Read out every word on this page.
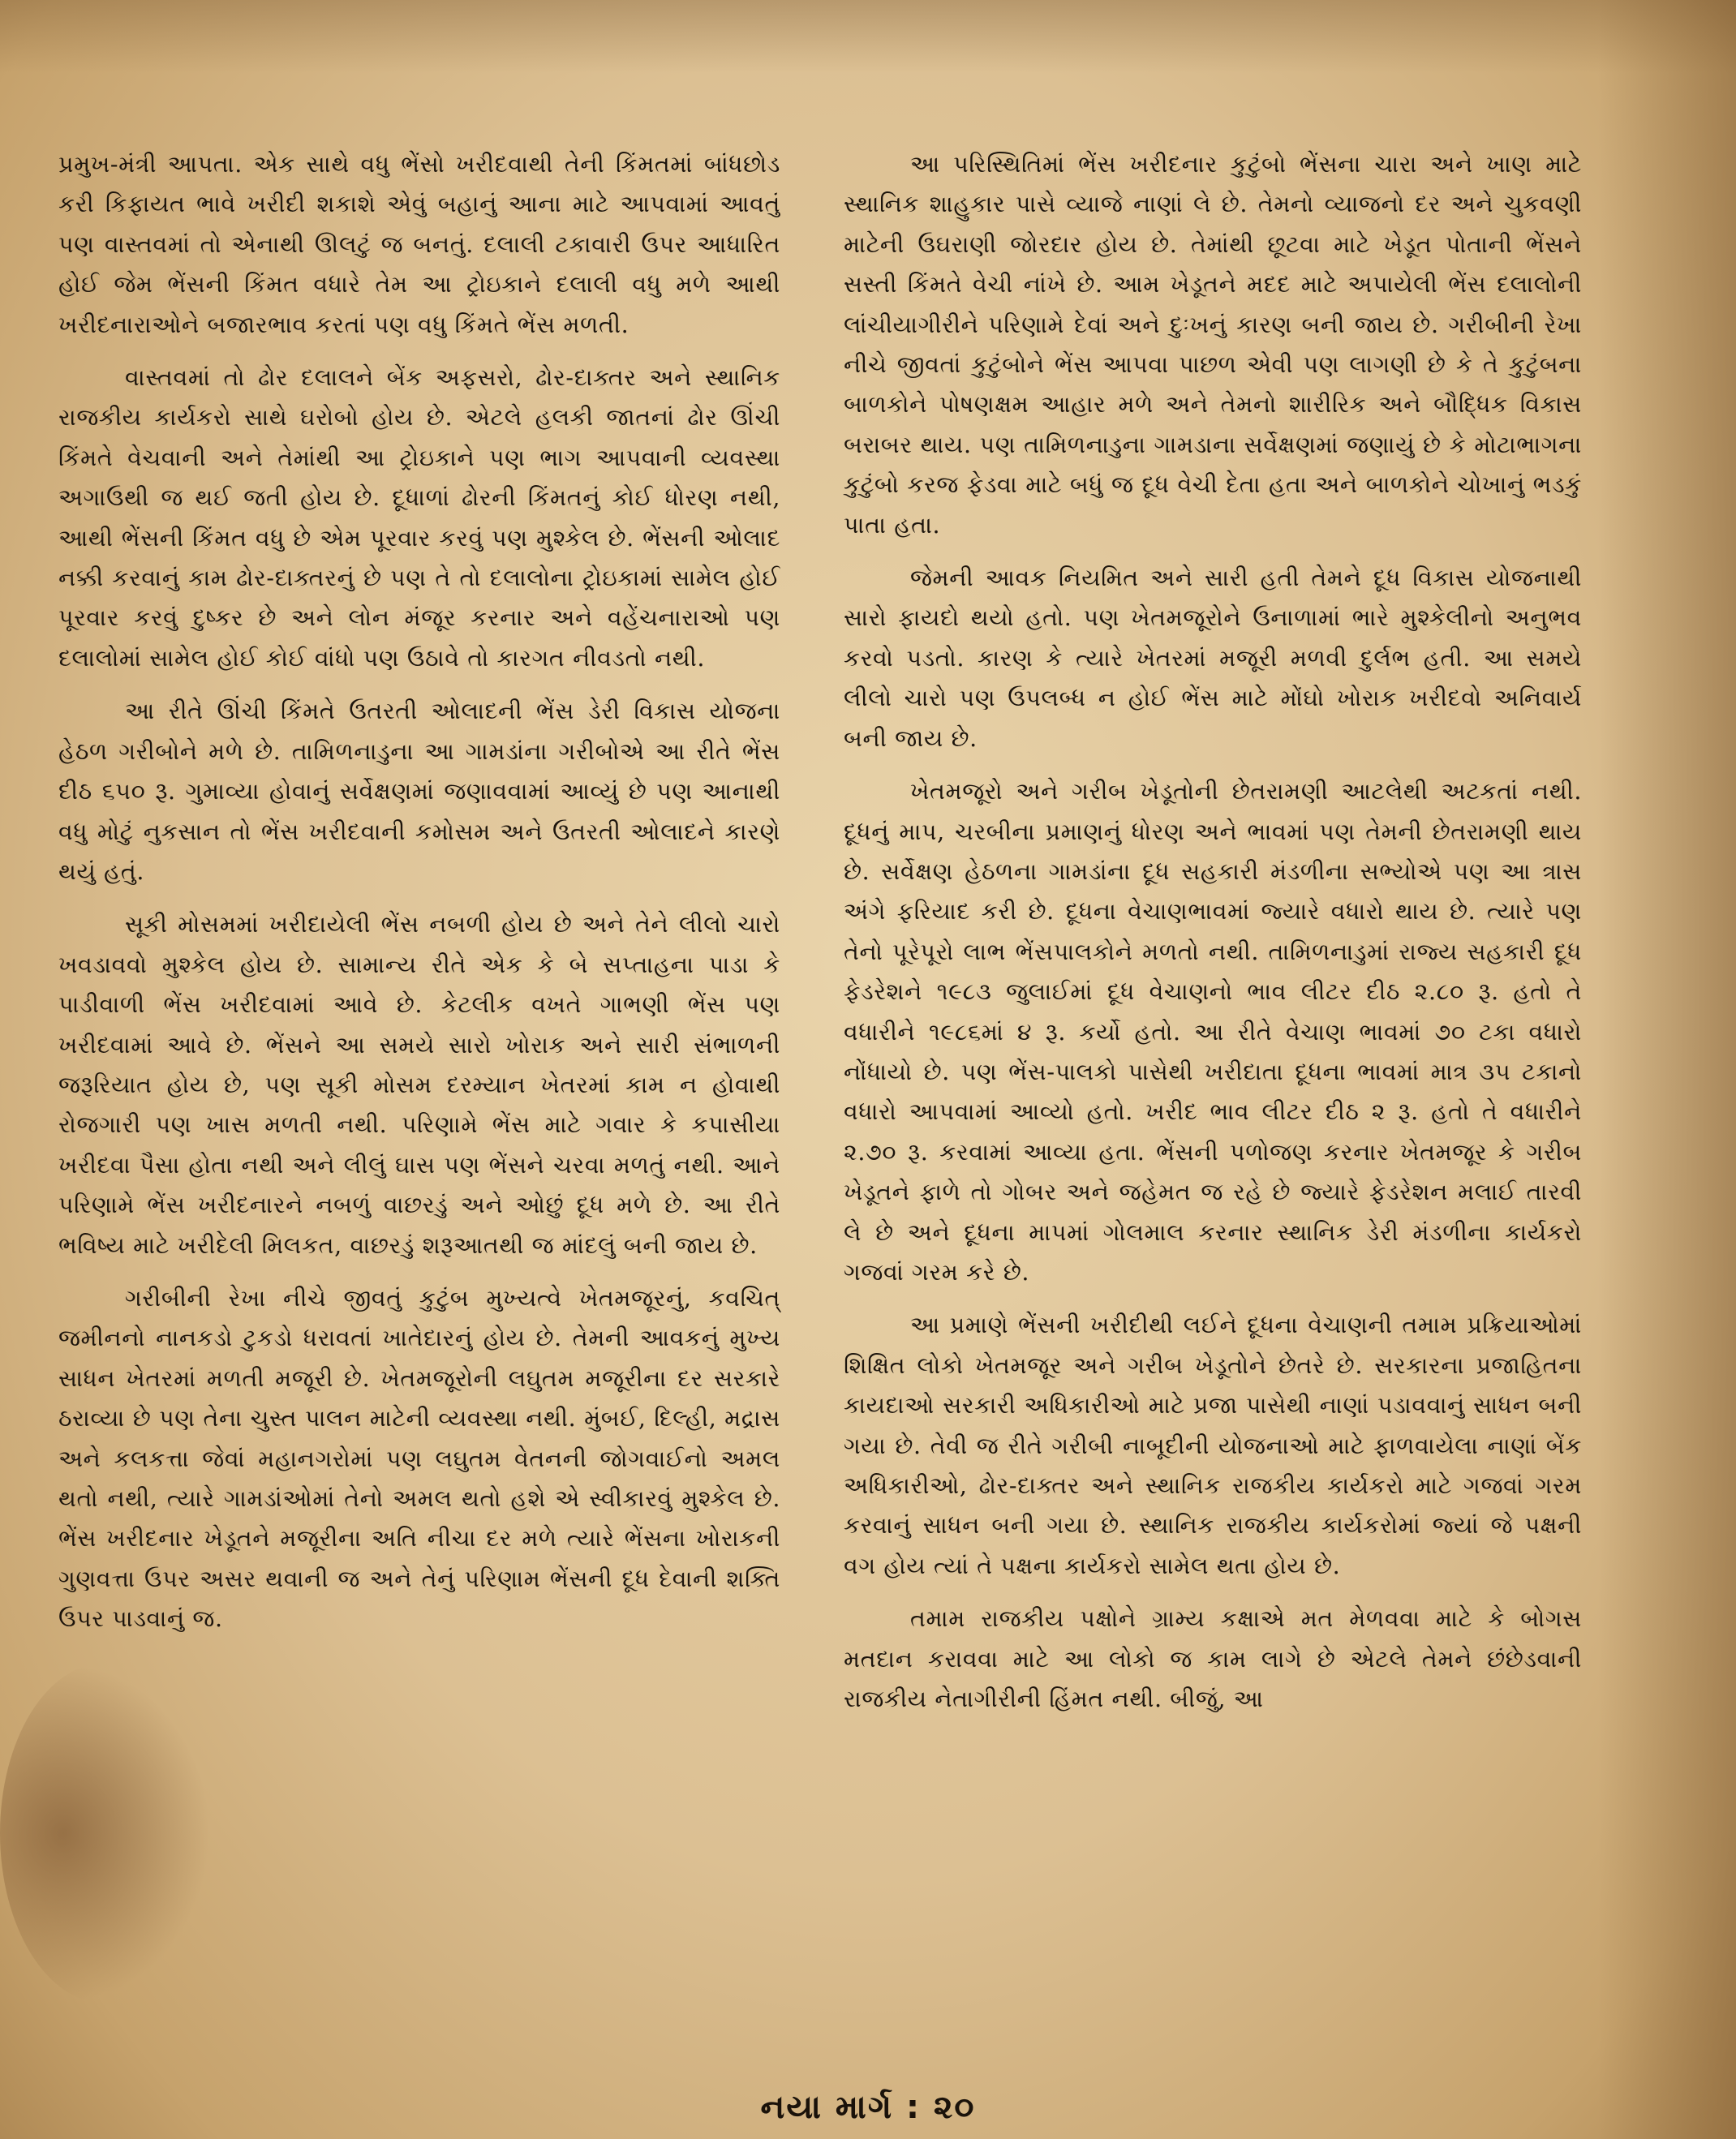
પ્રમુખ-મંત્રી આપતા. એક સાથે વધુ ભેંસો ખરીદવાથી તેની કિંમતમાં બાંધછોડ કરી કિફાયત ભાવે ખરીદી શકાશે એવું બહાનું આના માટે આપવામાં આવતું પણ વાસ્તવમાં તો એનાથી ઊલટું જ બનતું. દલાલી ટકાવારી ઉપર આધારિત હોઈ જેમ ભેંસની કિંમત વધારે તેમ આ ટ્રોઇકાને દલાલી વધુ મળે આથી ખરીદનારાઓને બજારભાવ કરતાં પણ વધુ કિંમતે ભેંસ મળતી.

વાસ્તવમાં તો ઢોર દલાલને બેંક અફસરો, ઢોર-દાક્તર અને સ્થાનિક રાજકીય કાર્યકરો સાથે ઘરોબો હોય છે. એટલે હલકી જાતનાં ઢોર ઊંચી કિંમતે વેચવાની અને તેમાંથી આ ટ્રોઇકાને પણ ભાગ આપવાની વ્યવસ્થા અગાઉથી જ થઈ જતી હોય છે. દૂધાળાં ઢોરની કિંમતનું કોઈ ધોરણ નથી, આથી ભેંસની કિંમત વધુ છે એમ પૂરવાર કરવું પણ મુશ્કેલ છે. ભેંસની ઓલાદ નક્કી કરવાનું કામ ઢોર-દાક્તરનું છે પણ તે તો દલાલોના ટ્રોઇકામાં સામેલ હોઈ પૂરવાર કરવું દુષ્કર છે અને લોન મંજૂર કરનાર અને વહેંચનારાઓ પણ દલાલોમાં સામેલ હોઈ કોઈ વાંધો પણ ઉઠાવે તો કારગત નીવડતો નથી.

આ રીતે ઊંચી કિંમતે ઉતરતી ઓલાદની ભેંસ ડેરી વિકાસ યોજના હેઠળ ગરીબોને મળે છે. તામિળનાડુના આ ગામડાંના ગરીબોએ આ રીતે ભેંસ દીઠ ૬૫૦ રૂ. ગુમાવ્યા હોવાનું સર્વેક્ષણમાં જણાવવામાં આવ્યું છે પણ આનાથી વધુ મોટું નુકસાન તો ભેંસ ખરીદવાની કમોસમ અને ઉતરતી ઓલાદને કારણે થયું હતું.

સૂકી મોસમમાં ખરીદાયેલી ભેંસ નબળી હોય છે અને તેને લીલો ચારો ખવડાવવો મુશ્કેલ હોય છે. સામાન્ય રીતે એક કે બે સપ્તાહના પાડા કે પાડીવાળી ભેંસ ખરીદવામાં આવે છે. કેટલીક વખતે ગાભણી ભેંસ પણ ખરીદવામાં આવે છે. ભેંસને આ સમયે સારો ખોરાક અને સારી સંભાળની જરૂરિયાત હોય છે, પણ સૂકી મોસમ દરમ્યાન ખેતરમાં કામ ન હોવાથી રોજગારી પણ ખાસ મળતી નથી. પરિણામે ભેંસ માટે ગવાર કે કપાસીયા ખરીદવા પૈસા હોતા નથી અને લીલું ઘાસ પણ ભેંસને ચરવા મળતું નથી. આને પરિણામે ભેંસ ખરીદનારને નબળું વાછરડું અને ઓછું દૂધ મળે છે. આ રીતે ભવિષ્ય માટે ખરીદેલી મિલકત, વાછરડું શરૂઆતથી જ માંદલું બની જાય છે.

ગરીબીની રેખા નીચે જીવતું કુટુંબ મુખ્યત્વે ખેતમજૂરનું, કવચિત્ જમીનનો નાનકડો ટુકડો ધરાવતાં ખાતેદારનું હોય છે. તેમની આવકનું મુખ્ય સાધન ખેતરમાં મળતી મજૂરી છે. ખેતમજૂરોની લઘુતમ મજૂરીના દર સરકારે ઠરાવ્યા છે પણ તેના ચુસ્ત પાલન માટેની વ્યવસ્થા નથી. મુંબઈ, દિલ્હી, મદ્રાસ અને કલકત્તા જેવાં મહાનગરોમાં પણ લઘુતમ વેતનની જોગવાઈનો અમલ થતો નથી, ત્યારે ગામડાંઓમાં તેનો અમલ થતો હશે એ સ્વીકારવું મુશ્કેલ છે. ભેંસ ખરીદનાર ખેડૂતને મજૂરીના અતિ નીચા દર મળે ત્યારે ભેંસના ખોરાકની ગુણવત્તા ઉપર અસર થવાની જ અને તેનું પરિણામ ભેંસની દૂધ દેવાની શક્તિ ઉપર પાડવાનું જ.

આ પરિસ્થિતિમાં ભેંસ ખરીદનાર કુટુંબો ભેંસના ચારા અને ખાણ માટે સ્થાનિક શાહુકાર પાસે વ્યાજે નાણાં લે છે. તેમનો વ્યાજનો દર અને ચુકવણી માટેની ઉઘરાણી જોરદાર હોય છે. તેમાંથી છૂટવા માટે ખેડૂત પોતાની ભેંસને સસ્તી કિંમતે વેચી નાંખે છે. આમ ખેડૂતને મદદ માટે અપાયેલી ભેંસ દલાલોની લાંચીયાગીરીને પરિણામે દેવાં અને દુઃખનું કારણ બની જાય છે. ગરીબીની રેખા નીચે જીવતાં કુટુંબોને ભેંસ આપવા પાછળ એવી પણ લાગણી છે કે તે કુટુંબના બાળકોને પોષણક્ષમ આહાર મળે અને તેમનો શારીરિક અને બૌદ્ધિક વિકાસ બરાબર થાય. પણ તામિળનાડુના ગામડાના સર્વેક્ષણમાં જણાયું છે કે મોટાભાગના કુટુંબો કરજ ફેડવા માટે બધું જ દૂધ વેચી દેતા હતા અને બાળકોને ચોખાનું ભડકું પાતા હતા.

જેમની આવક નિયમિત અને સારી હતી તેમને દૂધ વિકાસ યોજનાથી સારો ફાયદો થયો હતો. પણ ખેતમજૂરોને ઉનાળામાં ભારે મુશ્કેલીનો અનુભવ કરવો પડતો. કારણ કે ત્યારે ખેતરમાં મજૂરી મળવી દુર્લભ હતી. આ સમયે લીલો ચારો પણ ઉપલબ્ધ ન હોઈ ભેંસ માટે મોંઘો ખોરાક ખરીદવો અનિવાર્ય બની જાય છે.

ખેતમજૂરો અને ગરીબ ખેડૂતોની છેતરામણી આટલેથી અટકતાં નથી. દૂધનું માપ, ચરબીના પ્રમાણનું ધોરણ અને ભાવમાં પણ તેમની છેતરામણી થાય છે. સર્વેક્ષણ હેઠળના ગામડાંના દૂધ સહકારી મંડળીના સભ્યોએ પણ આ ત્રાસ અંગે ફરિયાદ કરી છે. દૂધના વેચાણભાવમાં જ્યારે વધારો થાય છે. ત્યારે પણ તેનો પૂરેપૂરો લાભ ભેંસપાલકોને મળતો નથી. તામિળનાડુમાં રાજ્ય સહકારી દૂધ ફેડરેશને ૧૯૮૩ જુલાઈમાં દૂધ વેચાણનો ભાવ લીટર દીઠ ૨.૮૦ રૂ. હતો તે વધારીને ૧૯૮૬માં ૪ રૂ. કર્યો હતો. આ રીતે વેચાણ ભાવમાં ૭૦ ટકા વધારો નોંધાયો છે. પણ ભેંસ-પાલકો પાસેથી ખરીદાતા દૂધના ભાવમાં માત્ર ૩૫ ટકાનો વધારો આપવામાં આવ્યો હતો. ખરીદ ભાવ લીટર દીઠ ૨ રૂ. હતો તે વધારીને ૨.૭૦ રૂ. કરવામાં આવ્યા હતા. ભેંસની પળોજણ કરનાર ખેતમજૂર કે ગરીબ ખેડૂતને ફાળે તો ગોબર અને જહેમત જ રહે છે જ્યારે ફેડરેશન મલાઈ તારવી લે છે અને દૂધના માપમાં ગોલમાલ કરનાર સ્થાનિક ડેરી મંડળીના કાર્યકરો ગજવાં ગરમ કરે છે.

આ પ્રમાણે ભેંસની ખરીદીથી લઈને દૂધના વેચાણની તમામ પ્રક્રિયાઓમાં શિક્ષિત લોકો ખેતમજૂર અને ગરીબ ખેડૂતોને છેતરે છે. સરકારના પ્રજાહિતના કાયદાઓ સરકારી અધિકારીઓ માટે પ્રજા પાસેથી નાણાં પડાવવાનું સાધન બની ગયા છે. તેવી જ રીતે ગરીબી નાબૂદીની યોજનાઓ માટે ફાળવાયેલા નાણાં બેંક અધિકારીઓ, ઢોર-દાક્તર અને સ્થાનિક રાજકીય કાર્યકરો માટે ગજવાં ગરમ કરવાનું સાધન બની ગયા છે. સ્થાનિક રાજકીય કાર્યકરોમાં જ્યાં જે પક્ષની વગ હોય ત્યાં તે પક્ષના કાર્યકરો સામેલ થતા હોય છે.

તમામ રાજકીય પક્ષોને ગ્રામ્ય કક્ષાએ મત મેળવવા માટે કે બોગસ મતદાન કરાવવા માટે આ લોકો જ કામ લાગે છે એટલે તેમને છંછેડવાની રાજકીય નેતાગીરીની હિંમત નથી. બીજું, આ

નયા માર્ગ : ૨૦
